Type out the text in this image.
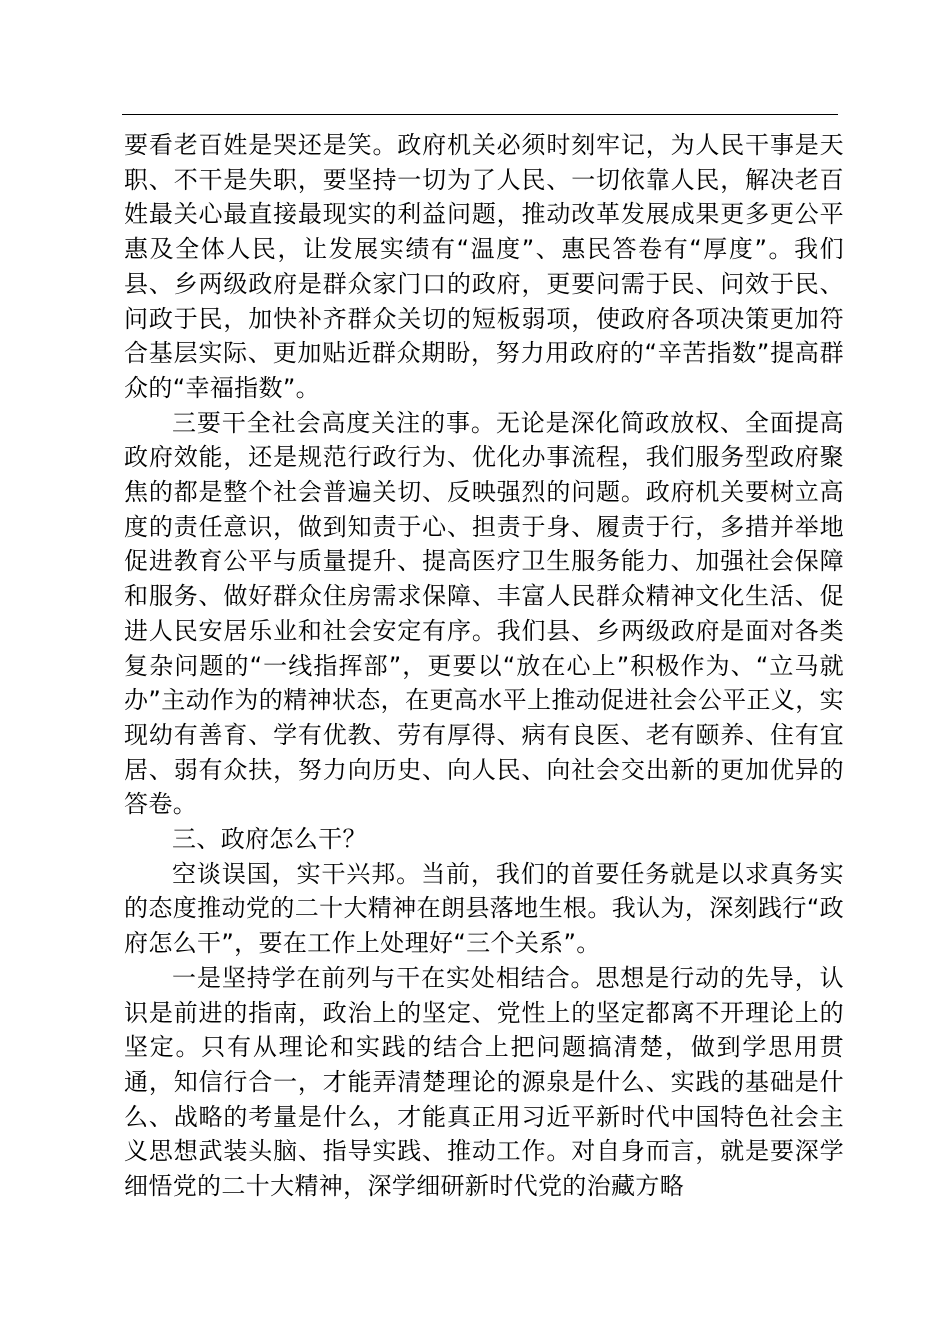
要看老百姓是哭还是笑。政府机关必须时刻牢记，为人民干事是天职、不干是失职，要坚持一切为了人民、一切依靠人民，解决老百姓最关心最直接最现实的利益问题，推动改革发展成果更多更公平惠及全体人民，让发展实绩有“温度”、惠民答卷有“厚度”。我们县、乡两级政府是群众家门口的政府，更要问需于民、问效于民、问政于民，加快补齐群众关切的短板弱项，使政府各项决策更加符合基层实际、更加贴近群众期盼，努力用政府的“辛苦指数”提高群众的“幸福指数”。

三要干全社会高度关注的事。无论是深化简政放权、全面提高政府效能，还是规范行政行为、优化办事流程，我们服务型政府聚焦的都是整个社会普遍关切、反映强烈的问题。政府机关要树立高度的责任意识，做到知责于心、担责于身、履责于行，多措并举地促进教育公平与质量提升、提高医疗卫生服务能力、加强社会保障和服务、做好群众住房需求保障、丰富人民群众精神文化生活、促进人民安居乐业和社会安定有序。我们县、乡两级政府是面对各类复杂问题的“一线指挥部”，更要以“放在心上”积极作为、“立马就办”主动作为的精神状态，在更高水平上推动促进社会公平正义，实现幼有善育、学有优教、劳有厚得、病有良医、老有颐养、住有宜居、弱有众扶，努力向历史、向人民、向社会交出新的更加优异的答卷。

三、政府怎么干？

空谈误国，实干兴邦。当前，我们的首要任务就是以求真务实的态度推动党的二十大精神在朗县落地生根。我认为，深刻践行“政府怎么干”，要在工作上处理好“三个关系”。

一是坚持学在前列与干在实处相结合。思想是行动的先导，认识是前进的指南，政治上的坚定、党性上的坚定都离不开理论上的坚定。只有从理论和实践的结合上把问题搞清楚，做到学思用贯通，知信行合一，才能弄清楚理论的源泉是什么、实践的基础是什么、战略的考量是什么，才能真正用习近平新时代中国特色社会主义思想武装头脑、指导实践、推动工作。对自身而言，就是要深学细悟党的二十大精神，深学细研新时代党的治藏方略
